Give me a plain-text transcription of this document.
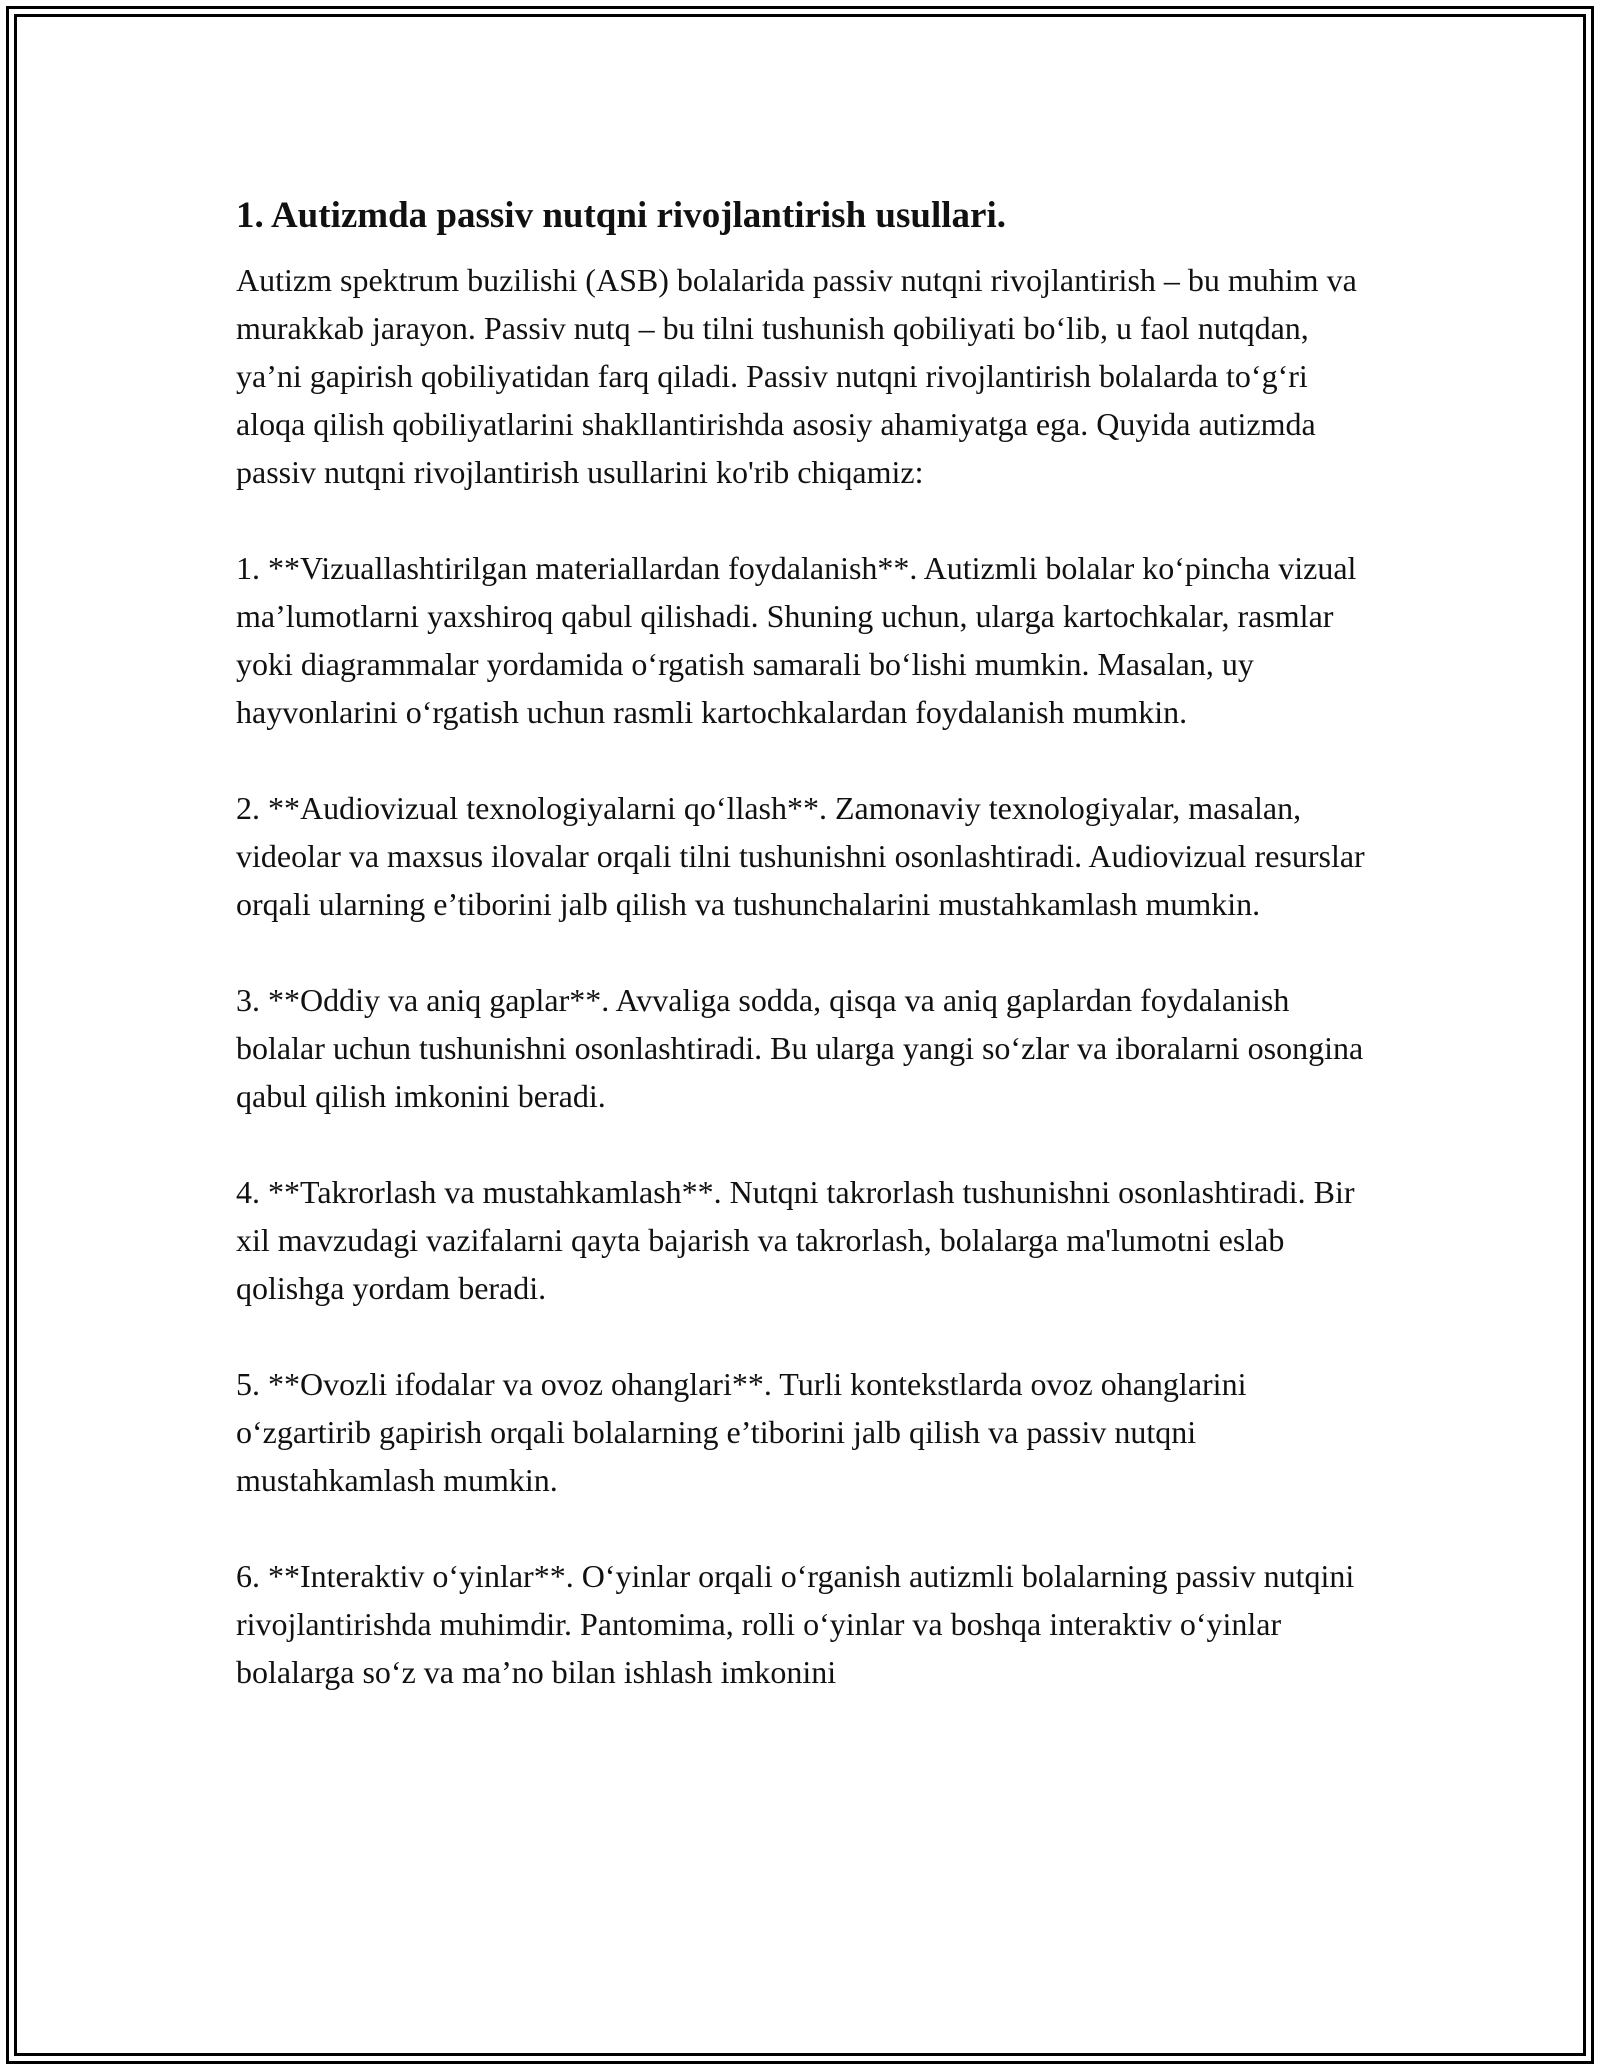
1. Autizmda passiv nutqni rivojlantirish usullari.

Autizm spektrum buzilishi (ASB) bolalarida passiv nutqni rivojlantirish – bu muhim va murakkab jarayon. Passiv nutq – bu tilni tushunish qobiliyati bo‘lib, u faol nutqdan, ya’ni gapirish qobiliyatidan farq qiladi. Passiv nutqni rivojlantirish bolalarda to‘g‘ri aloqa qilish qobiliyatlarini shakllantirishda asosiy ahamiyatga ega. Quyida autizmda passiv nutqni rivojlantirish usullarini ko'rib chiqamiz:

1. **Vizuallashtirilgan materiallardan foydalanish**. Autizmli bolalar ko‘pincha vizual ma’lumotlarni yaxshiroq qabul qilishadi. Shuning uchun, ularga kartochkalar, rasmlar yoki diagrammalar yordamida o‘rgatish samarali bo‘lishi mumkin. Masalan, uy hayvonlarini o‘rgatish uchun rasmli kartochkalardan foydalanish mumkin.

2. **Audiovizual texnologiyalarni qo‘llash**. Zamonaviy texnologiyalar, masalan, videolar va maxsus ilovalar orqali tilni tushunishni osonlashtiradi. Audiovizual resurslar orqali ularning e’tiborini jalb qilish va tushunchalarini mustahkamlash mumkin.

3. **Oddiy va aniq gaplar**. Avvaliga sodda, qisqa va aniq gaplardan foydalanish bolalar uchun tushunishni osonlashtiradi. Bu ularga yangi so‘zlar va iboralarni osongina qabul qilish imkonini beradi.

4. **Takrorlash va mustahkamlash**. Nutqni takrorlash tushunishni osonlashtiradi. Bir xil mavzudagi vazifalarni qayta bajarish va takrorlash, bolalarga ma'lumotni eslab qolishga yordam beradi.

5. **Ovozli ifodalar va ovoz ohanglari**. Turli kontekstlarda ovoz ohanglarini o‘zgartirib gapirish orqali bolalarning e’tiborini jalb qilish va passiv nutqni mustahkamlash mumkin.

6. **Interaktiv o‘yinlar**. O‘yinlar orqali o‘rganish autizmli bolalarning passiv nutqini rivojlantirishda muhimdir. Pantomima, rolli o‘yinlar va boshqa interaktiv o‘yinlar bolalarga so‘z va ma’no bilan ishlash imkonini
